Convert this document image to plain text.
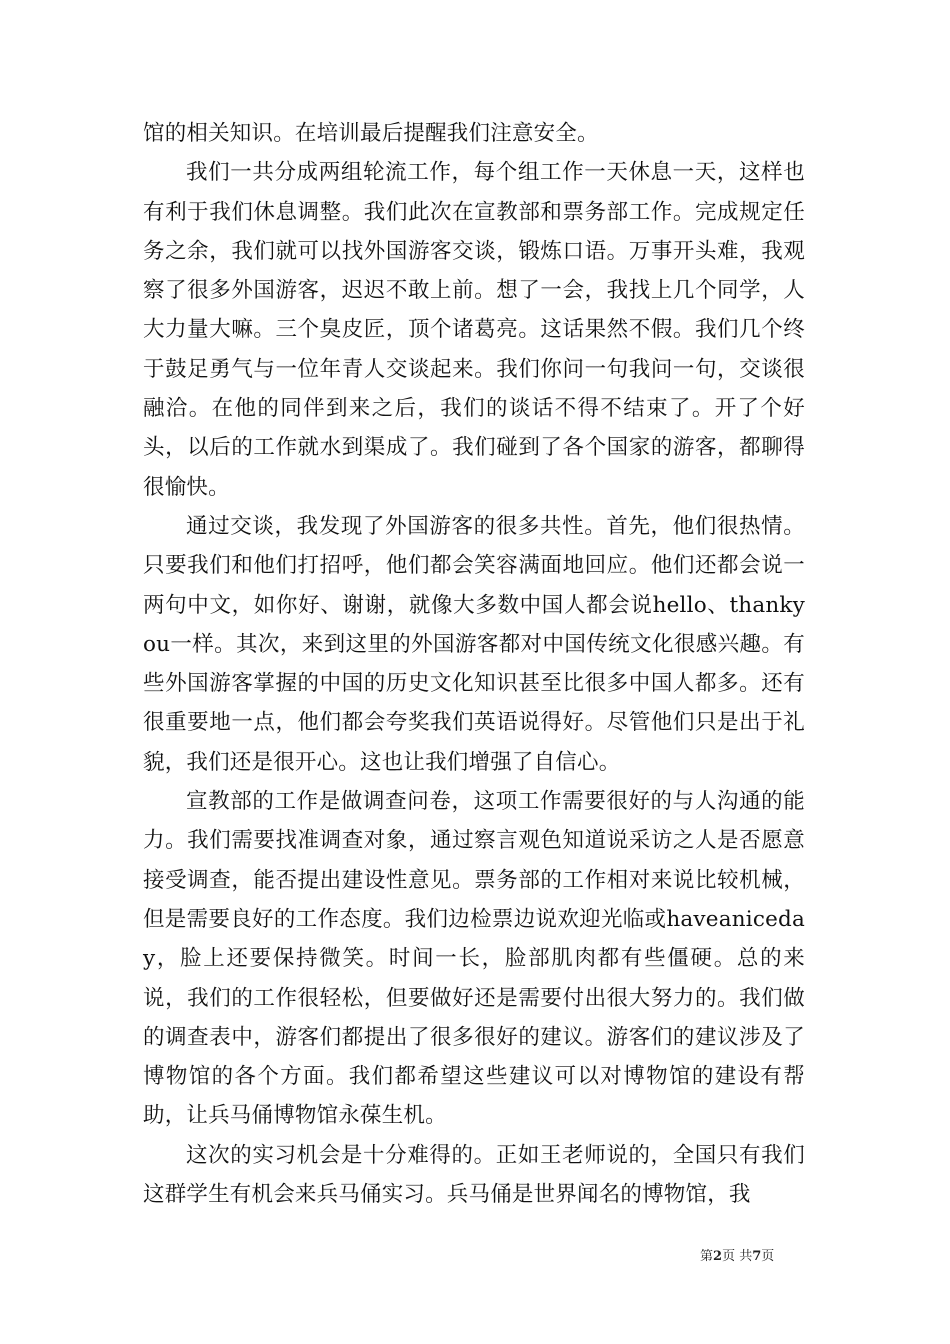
馆的相关知识。在培训最后提醒我们注意安全。

我们一共分成两组轮流工作，每个组工作一天休息一天，这样也有利于我们休息调整。我们此次在宣教部和票务部工作。完成规定任务之余，我们就可以找外国游客交谈，锻炼口语。万事开头难，我观察了很多外国游客，迟迟不敢上前。想了一会，我找上几个同学，人大力量大嘛。三个臭皮匠，顶个诸葛亮。这话果然不假。我们几个终于鼓足勇气与一位年青人交谈起来。我们你问一句我问一句，交谈很融洽。在他的同伴到来之后，我们的谈话不得不结束了。开了个好头，以后的工作就水到渠成了。我们碰到了各个国家的游客，都聊得很愉快。

通过交谈，我发现了外国游客的很多共性。首先，他们很热情。只要我们和他们打招呼，他们都会笑容满面地回应。他们还都会说一两句中文，如你好、谢谢，就像大多数中国人都会说hello、thankyou一样。其次，来到这里的外国游客都对中国传统文化很感兴趣。有些外国游客掌握的中国的历史文化知识甚至比很多中国人都多。还有很重要地一点，他们都会夸奖我们英语说得好。尽管他们只是出于礼貌，我们还是很开心。这也让我们增强了自信心。

宣教部的工作是做调查问卷，这项工作需要很好的与人沟通的能力。我们需要找准调查对象，通过察言观色知道说采访之人是否愿意接受调查，能否提出建设性意见。票务部的工作相对来说比较机械，但是需要良好的工作态度。我们边检票边说欢迎光临或haveaniceday，脸上还要保持微笑。时间一长，脸部肌肉都有些僵硬。总的来说，我们的工作很轻松，但要做好还是需要付出很大努力的。我们做的调查表中，游客们都提出了很多很好的建议。游客们的建议涉及了博物馆的各个方面。我们都希望这些建议可以对博物馆的建设有帮助，让兵马俑博物馆永葆生机。

这次的实习机会是十分难得的。正如王老师说的，全国只有我们这群学生有机会来兵马俑实习。兵马俑是世界闻名的博物馆，我

第2页 共7页
